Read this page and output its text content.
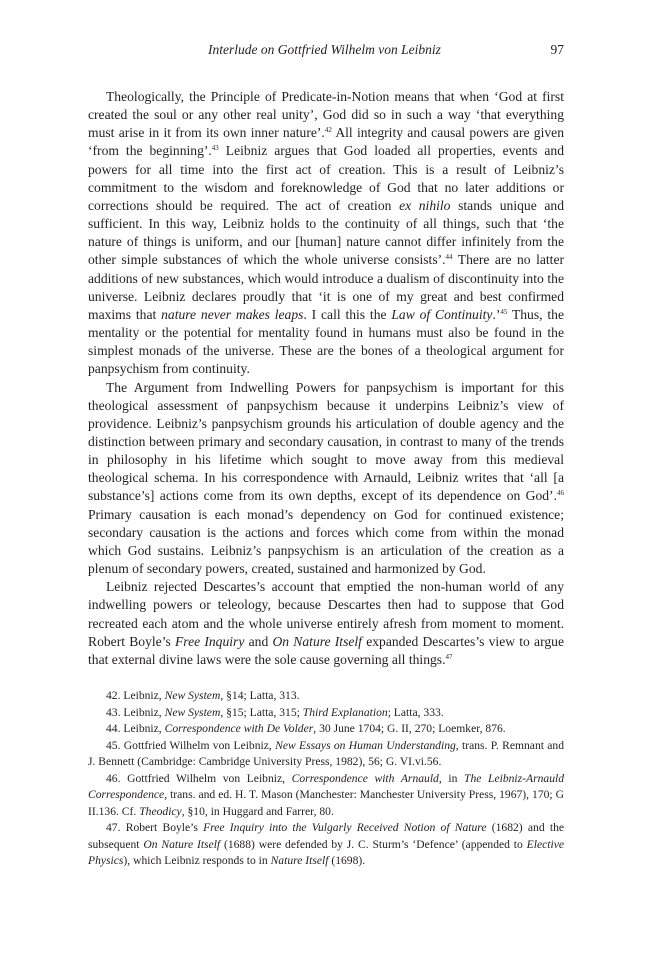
Interlude on Gottfried Wilhelm von Leibniz	97

Theologically, the Principle of Predicate-in-Notion means that when ‘God at first created the soul or any other real unity’, God did so in such a way ‘that everything must arise in it from its own inner nature’.$^{42}$ All integrity and causal powers are given ‘from the beginning’.$^{43}$ Leibniz argues that God loaded all properties, events and powers for all time into the first act of creation. This is a result of Leibniz’s commitment to the wisdom and foreknowledge of God that no later additions or corrections should be required. The act of creation ex nihilo stands unique and sufficient. In this way, Leibniz holds to the continuity of all things, such that ‘the nature of things is uniform, and our [human] nature cannot differ infinitely from the other simple substances of which the whole universe consists’.$^{44}$ There are no latter additions of new substances, which would introduce a dualism of discontinuity into the universe. Leibniz declares proudly that ‘it is one of my great and best confirmed maxims that nature never makes leaps. I call this the Law of Continuity.’$^{45}$ Thus, the mentality or the potential for mentality found in humans must also be found in the simplest monads of the universe. These are the bones of a theological argument for panpsychism from continuity.

The Argument from Indwelling Powers for panpsychism is important for this theological assessment of panpsychism because it underpins Leibniz’s view of providence. Leibniz’s panpsychism grounds his articulation of double agency and the distinction between primary and secondary causation, in contrast to many of the trends in philosophy in his lifetime which sought to move away from this medieval theological schema. In his correspondence with Arnauld, Leibniz writes that ‘all [a substance’s] actions come from its own depths, except of its dependence on God’.$^{46}$ Primary causation is each monad’s dependency on God for continued existence; secondary causation is the actions and forces which come from within the monad which God sustains. Leibniz’s panpsychism is an articulation of the creation as a plenum of secondary powers, created, sustained and harmonized by God.

Leibniz rejected Descartes’s account that emptied the non-human world of any indwelling powers or teleology, because Descartes then had to suppose that God recreated each atom and the whole universe entirely afresh from moment to moment. Robert Boyle’s Free Inquiry and On Nature Itself expanded Descartes’s view to argue that external divine laws were the sole cause governing all things.$^{47}$

42. Leibniz, New System, §14; Latta, 313.

43. Leibniz, New System, §15; Latta, 315; Third Explanation; Latta, 333.

44. Leibniz, Correspondence with De Volder, 30 June 1704; G. II, 270; Loemker, 876.

45. Gottfried Wilhelm von Leibniz, New Essays on Human Understanding, trans. P. Remnant and J. Bennett (Cambridge: Cambridge University Press, 1982), 56; G. VI.vi.56.

46. Gottfried Wilhelm von Leibniz, Correspondence with Arnauld, in The Leibniz-Arnauld Correspondence, trans. and ed. H. T. Mason (Manchester: Manchester University Press, 1967), 170; G II.136. Cf. Theodicy, §10, in Huggard and Farrer, 80.

47. Robert Boyle’s Free Inquiry into the Vulgarly Received Notion of Nature (1682) and the subsequent On Nature Itself (1688) were defended by J. C. Sturm’s ‘Defence’ (appended to Elective Physics), which Leibniz responds to in Nature Itself (1698).
